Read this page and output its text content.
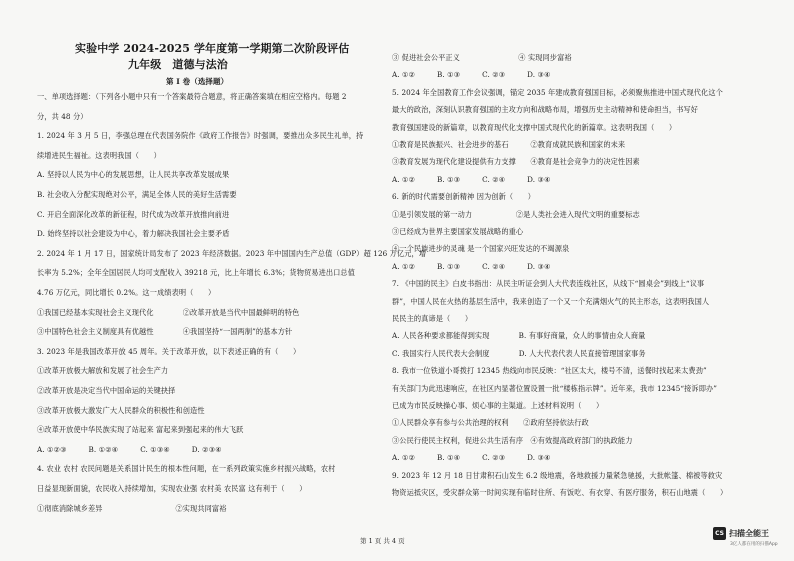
实验中学 2024-2025 学年度第一学期第二次阶段评估
九年级　道德与法治
第 I 卷（选择题）
一、单项选择题：（下列各小题中只有一个答案最符合题意，将正确答案填在相应空格内。每题 2
分，共 48 分）
1. 2024 年 3 月 5 日，李强总理在代表国务院作《政府工作报告》时强调，要推出众多民生礼单，持
续增进民生福祉。这表明我国（　　）
A. 坚持以人民为中心的发展思想，让人民共享改革发展成果
B. 社会收入分配实现绝对公平，满足全体人民的美好生活需要
C. 开启全面深化改革的新征程，时代成为改革开放推向前进
D. 始终坚持以社会建设为中心，着力解决我国社会主要矛盾
2. 2024 年 1 月 17 日，国家统计局发布了 2023 年经济数据。2023 年中国国内生产总值（GDP）超 126 万亿元，增
长率为 5.2%；全年全国居民人均可支配收入 39218 元，比上年增长 6.3%；货物贸易进出口总值
4.76 万亿元，同比增长 0.2%。这一成绩表明（　　）
①我国已经基本实现社会主义现代化　　　　②改革开放是当代中国最鲜明的特色
③中国特色社会主义制度具有优越性　　　　④我国坚持“一国两制”的基本方针
3. 2023 年是我国改革开放 45 周年。关于改革开放，以下表述正确的有（　　）
①改革开放极大解放和发展了社会生产力
②改革开放是决定当代中国命运的关键抉择
③改革开放极大激发广大人民群众的积极性和创造性
④改革开放使中华民族实现了站起来 富起来到强起来的伟大飞跃
A. ①②③　　　B. ①②④　　　C. ①③④　　　D. ②③④
4. 农业 农村 农民问题是关系国计民生的根本性问题，在一系列政策实施乡村振兴战略，农村
日益显现新面貌，农民收入持续增加，实现农业强 农村美 农民富 这有利于（　　）
①彻底消除城乡差异　　　　　　　　　　②实现共同富裕
③ 促进社会公平正义　　　　　　　　④ 实现同步富裕
A. ①②　　　B. ①③　　　C. ②③　　　D. ③④
5. 2024 年全国教育工作会议强调，锚定 2035 年建成教育强国目标，必须聚焦推进中国式现代化这个
最大的政治，深刻认识教育强国的主攻方向和战略布局，增强历史主动精神和使命担当，书写好
教育强国建设的新篇章，以教育现代化支撑中国式现代化的新篇章。这表明我国（　　）
①教育是民族振兴、社会进步的基石　　　②教育成就民族和国家的未来
③教育发展为现代化建设提供有力支撑　　④教育是社会竞争力的决定性因素
A. ①②　　　B. ①③　　　C. ②④　　　D. ③④
6. 新的时代需要创新精神 因为创新（　　）
①是引领发展的第一动力　　　　　　②是人类社会进入现代文明的重要标志
③已经成为世界主要国家发展战略的重心
④一个民族进步的灵魂 是一个国家兴旺发达的不竭源泉
A. ①②　　　B. ①③　　　C. ②④　　　D. ③④
7. 《中国的民主》白皮书指出：从民主听证会到人大代表连线社区，从线下“圆桌会”到线上“议事
群”，中国人民在火热的基层生活中，我来创造了一个又一个充满烟火气的民主形态，这表明我国人
民民主的真谛是（　　）
A. 人民各种要求都能得到实现　　　　B. 有事好商量，众人的事情由众人商量
C. 我国实行人民代表大会制度　　　　D. 人大代表代表人民直接管理国家事务
8. 我市一位铁道小哥拨打 12345 热线向市民反映：“社区太大，楼号不清，送餐时找起来太费劲”
有关部门为此迅速响应，在社区内显著位置设置一批“楼栋指示牌”。近年来，我市 12345“接诉即办”
已成为市民反映操心事、烦心事的主渠道。上述材料说明（　　）
①人民群众享有参与公共治理的权利　　②政府坚持依法行政
③公民行使民主权利，促进公共生活有序　④有效提高政府部门的执政能力
A. ①②　　　B. ①④　　　C. ②③　　　D. ③④
9. 2023 年 12 月 18 日甘肃积石山发生 6.2 级地震，各地救援力量紧急驰援，大批帐篷、棉被等救灾
物资运抵灾区，受灾群众第一时间实现有临时住所、有饭吃、有衣穿、有医疗服务，积石山地震（　　）
第 1 页 共 4 页
CS 扫描全能王
3亿人都在用的扫描App
